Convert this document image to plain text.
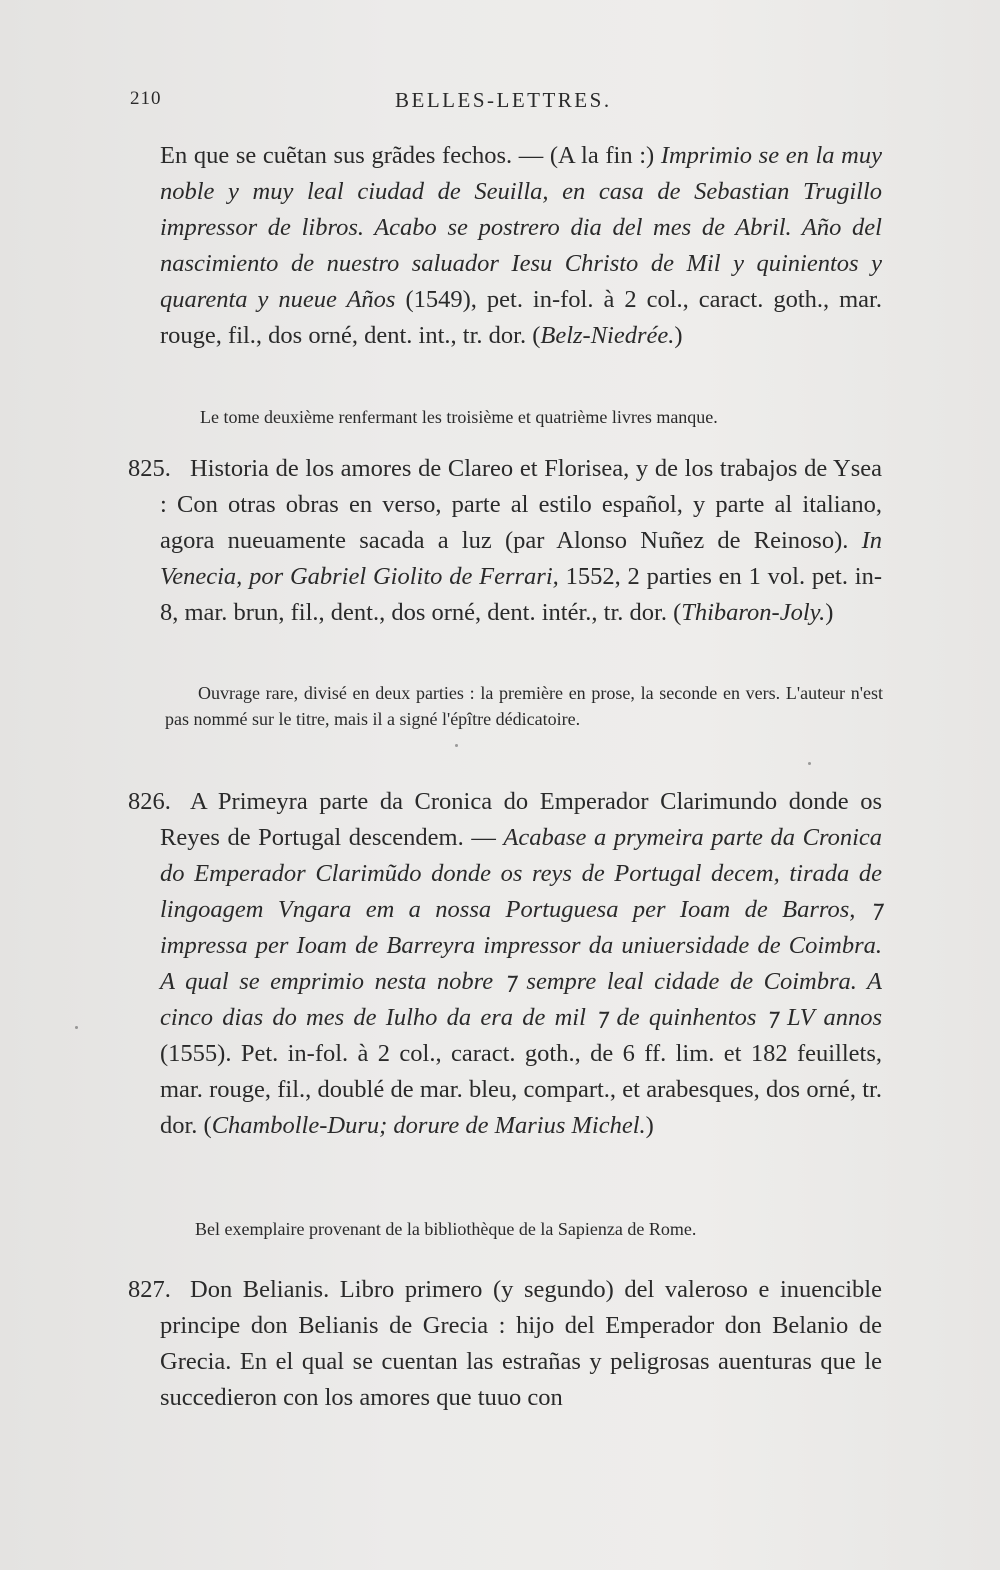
210	BELLES-LETTRES.

En que se cuẽtan sus grãdes fechos. — (A la fin :) Imprimio se en la muy noble y muy leal ciudad de Seuilla, en casa de Sebastian Trugillo impressor de libros. Acabo se postrero dia del mes de Abril. Año del nascimiento de nuestro saluador Iesu Christo de Mil y quinientos y quarenta y nueue Años (1549), pet. in-fol. à 2 col., caract. goth., mar. rouge, fil., dos orné, dent. int., tr. dor. (Belz-Niedrée.)

Le tome deuxième renfermant les troisième et quatrième livres manque.

825. Historia de los amores de Clareo et Florisea, y de los trabajos de Ysea : Con otras obras en verso, parte al estilo español, y parte al italiano, agora nueuamente sacada a luz (par Alonso Nuñez de Reinoso). In Venecia, por Gabriel Giolito de Ferrari, 1552, 2 parties en 1 vol. pet. in-8, mar. brun, fil., dent., dos orné, dent. intér., tr. dor. (Thibaron-Joly.)

Ouvrage rare, divisé en deux parties : la première en prose, la seconde en vers. L'auteur n'est pas nommé sur le titre, mais il a signé l'épître dédicatoire.

826. A Primeyra parte da Cronica do Emperador Clarimundo donde os Reyes de Portugal descendem. — Acabase a prymeira parte da Cronica do Emperador Clarimũdo donde os reys de Portugal decem, tirada de lingoagem Vngara em a nossa Portuguesa per Ioam de Barros, ⁊ impressa per Ioam de Barreyra impressor da uniuersidade de Coimbra. A qual se emprimio nesta nobre ⁊ sempre leal cidade de Coimbra. A cinco dias do mes de Iulho da era de mil ⁊ de quinhentos ⁊ LV annos (1555). Pet. in-fol. à 2 col., caract. goth., de 6 ff. lim. et 182 feuillets, mar. rouge, fil., doublé de mar. bleu, compart., et arabesques, dos orné, tr. dor. (Chambolle-Duru; dorure de Marius Michel.)

Bel exemplaire provenant de la bibliothèque de la Sapienza de Rome.

827. Don Belianis. Libro primero (y segundo) del valeroso e inuencible principe don Belianis de Grecia : hijo del Emperador don Belanio de Grecia. En el qual se cuentan las estrañas y peligrosas auenturas que le succedieron con los amores que tuuo con
